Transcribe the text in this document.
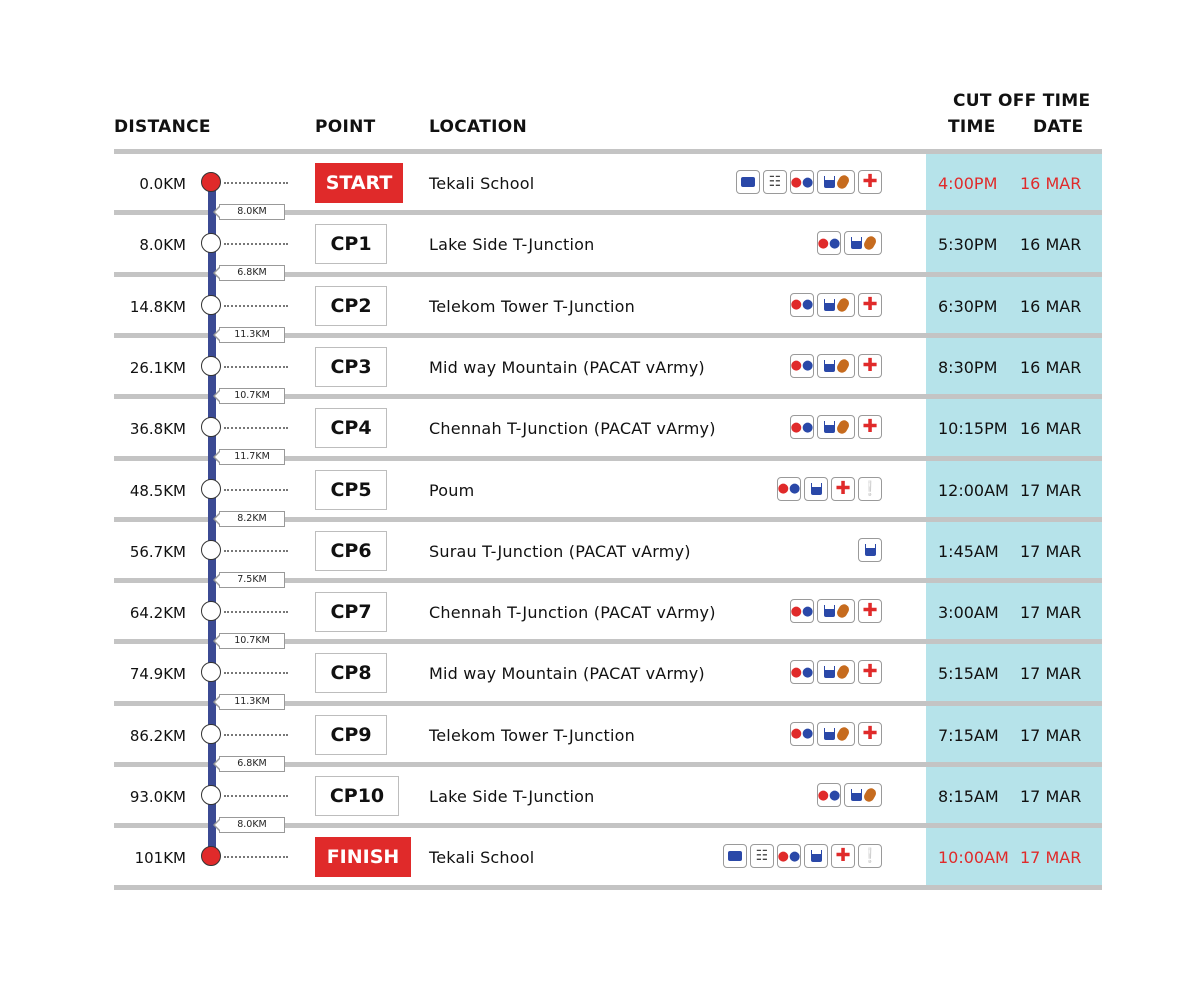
DISTANCE	POINT	LOCATION
CUT OFF TIME
TIME DATE
0.0KM	START	Tekali School	4:00PM 16 MAR
☷ ● ●	✚
8.0KM	CP1	Lake Side T-Junction	5:30PM 16 MAR
● ●
14.8KM	CP2	Telekom Tower T-Junction	6:30PM 16 MAR
● ●	✚
26.1KM	CP3	Mid way Mountain (PACAT vArmy)	8:30PM 16 MAR
● ●	✚
36.8KM	CP4	Chennah T-Junction (PACAT vArmy)	10:15PM 16 MAR
● ●	✚
48.5KM	CP5	Poum	12:00AM 17 MAR
● ● ✚ ❕
56.7KM	CP6	Surau T-Junction (PACAT vArmy)	1:45AM 17 MAR
64.2KM	CP7	Chennah T-Junction (PACAT vArmy)	3:00AM 17 MAR
● ●	✚
74.9KM	CP8	Mid way Mountain (PACAT vArmy)	5:15AM 17 MAR
● ●	✚
86.2KM	CP9	Telekom Tower T-Junction	7:15AM 17 MAR
● ●	✚
93.0KM	CP10	Lake Side T-Junction	8:15AM 17 MAR
● ●
101KM	FINISH	Tekali School	10:00AM 17 MAR
☷ ● ● ✚ ❕
8.0KM
6.8KM
11.3KM
10.7KM
11.7KM
8.2KM
7.5KM
10.7KM
11.3KM
6.8KM
8.0KM
